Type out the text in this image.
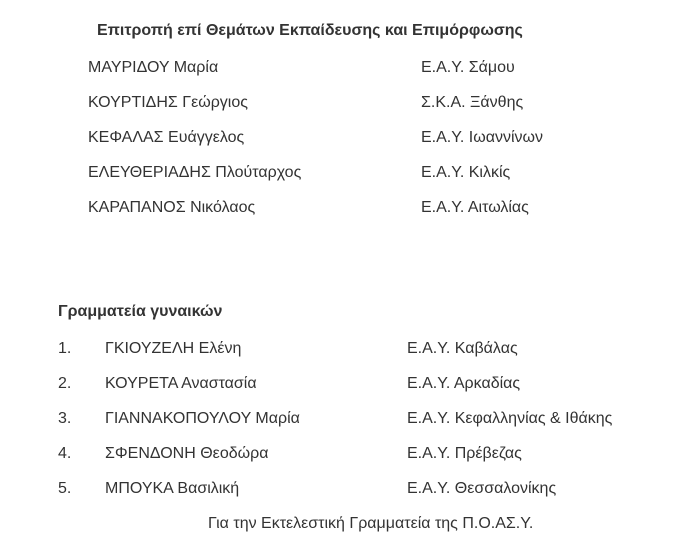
Επιτροπή επί Θεμάτων Εκπαίδευσης και Επιμόρφωσης
ΜΑΥΡΙΔΟΥ Μαρία	Ε.Α.Υ. Σάμου
ΚΟΥΡΤΙΔΗΣ Γεώργιος	Σ.Κ.Α. Ξάνθης
ΚΕΦΑΛΑΣ Ευάγγελος	Ε.Α.Υ. Ιωαννίνων
ΕΛΕΥΘΕΡΙΑΔΗΣ Πλούταρχος	Ε.Α.Υ. Κιλκίς
ΚΑΡΑΠΑΝΟΣ Νικόλαος	Ε.Α.Υ. Αιτωλίας
Γραμματεία γυναικών
1. ΓΚΙΟΥΖΕΛΗ Ελένη	Ε.Α.Υ. Καβάλας
2. ΚΟΥΡΕΤΑ Αναστασία	Ε.Α.Υ. Αρκαδίας
3. ΓΙΑΝΝΑΚΟΠΟΥΛΟΥ Μαρία	Ε.Α.Υ. Κεφαλληνίας & Ιθάκης
4. ΣΦΕΝΔΟΝΗ Θεοδώρα	Ε.Α.Υ. Πρέβεζας
5. ΜΠΟΥΚΑ Βασιλική	Ε.Α.Υ. Θεσσαλονίκης
Για την Εκτελεστική Γραμματεία της Π.Ο.ΑΣ.Υ.
